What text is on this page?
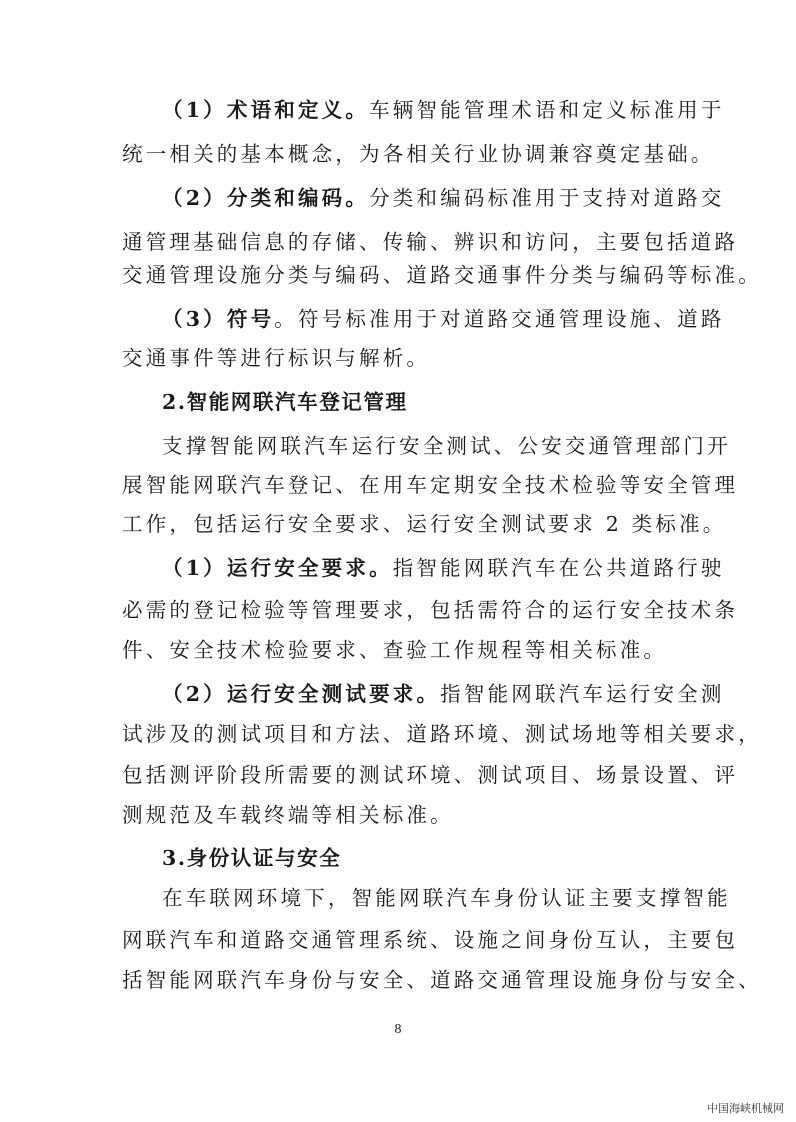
（1）术语和定义。车辆智能管理术语和定义标准用于
统一相关的基本概念，为各相关行业协调兼容奠定基础。
（2）分类和编码。分类和编码标准用于支持对道路交
通管理基础信息的存储、传输、辨识和访问，主要包括道路
交通管理设施分类与编码、道路交通事件分类与编码等标准。
（3）符号。符号标准用于对道路交通管理设施、道路
交通事件等进行标识与解析。
2.智能网联汽车登记管理
支撑智能网联汽车运行安全测试、公安交通管理部门开
展智能网联汽车登记、在用车定期安全技术检验等安全管理
工作，包括运行安全要求、运行安全测试要求 2 类标准。
（1）运行安全要求。指智能网联汽车在公共道路行驶
必需的登记检验等管理要求，包括需符合的运行安全技术条
件、安全技术检验要求、查验工作规程等相关标准。
（2）运行安全测试要求。指智能网联汽车运行安全测
试涉及的测试项目和方法、道路环境、测试场地等相关要求，
包括测评阶段所需要的测试环境、测试项目、场景设置、评
测规范及车载终端等相关标准。
3.身份认证与安全
在车联网环境下，智能网联汽车身份认证主要支撑智能
网联汽车和道路交通管理系统、设施之间身份互认，主要包
括智能网联汽车身份与安全、道路交通管理设施身份与安全、
8
中国海峡机械网
